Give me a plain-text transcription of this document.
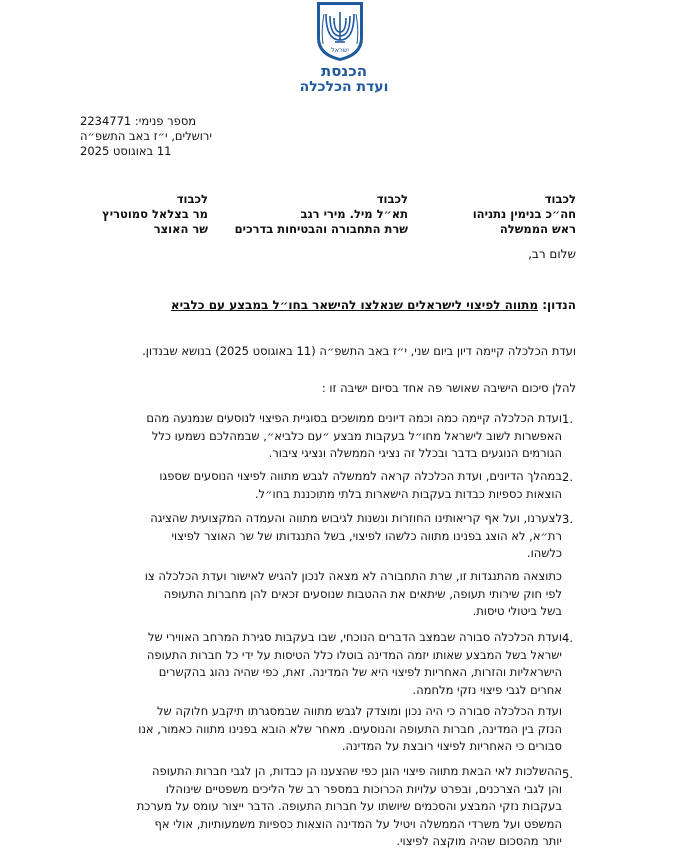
ישראל
הכנסת
ועדת הכלכלה
מספר פנימי: 2234771
ירושלים, י״ז באב התשפ״ה
11 באוגוסט 2025
לכבוד
חה״כ בנימין נתניהו
ראש הממשלה
לכבוד
תא״ל מיל. מירי רגב
שרת התחבורה והבטיחות בדרכים
לכבוד
מר בצלאל סמוטריץ
שר האוצר
שלום רב,
הנדון: מתווה לפיצוי לישראלים שנאלצו להישאר בחו״ל במבצע עם כלביא
ועדת הכלכלה קיימה דיון ביום שני, י״ז באב התשפ״ה (11 באוגוסט 2025) בנושא שבנדון.
להלן סיכום הישיבה שאושר פה אחד בסיום ישיבה זו :
1.
ועדת הכלכלה קיימה כמה וכמה דיונים ממושכים בסוגיית הפיצוי לנוסעים שנמנעה מהם
האפשרות לשוב לישראל מחו״ל בעקבות מבצע ״עם כלביא״, שבמהלכם נשמעו כלל
הגורמים הנוגעים בדבר ובכלל זה נציגי הממשלה ונציגי ציבור.
2.
במהלך הדיונים, ועדת הכלכלה קראה לממשלה לגבש מתווה לפיצוי הנוסעים שספגו
הוצאות כספיות כבדות בעקבות הישארות בלתי מתוכננת בחו״ל.
3.
לצערנו, ועל אף קריאותינו החוזרות ונשנות לגיבוש מתווה והעמדה המקצועית שהציגה
רת״א, לא הוצג בפנינו מתווה כלשהו לפיצוי, בשל התנגדותו של שר האוצר לפיצוי
כלשהו.
כתוצאה מהתנגדות זו, שרת התחבורה לא מצאה לנכון להגיש לאישור ועדת הכלכלה צו
לפי חוק שירותי תעופה, שיתאים את ההטבות שנוסעים זכאים להן מחברות התעופה
בשל ביטולי טיסות.
4.
ועדת הכלכלה סבורה שבמצב הדברים הנוכחי, שבו בעקבות סגירת המרחב האווירי של
ישראל בשל המבצע שאותו יזמה המדינה בוטלו כלל הטיסות על ידי כל חברות התעופה
הישראליות והזרות, האחריות לפיצוי היא של המדינה. זאת, כפי שהיה נהוג בהקשרים
אחרים לגבי פיצוי נזקי מלחמה.
ועדת הכלכלה סבורה כי היה נכון ומוצדק לגבש מתווה שבמסגרתו תיקבע חלוקה של
הנזק בין המדינה, חברות התעופה והנוסעים. מאחר שלא הובא בפנינו מתווה כאמור, אנו
סבורים כי האחריות לפיצוי רובצת על המדינה.
5.
ההשלכות לאי הבאת מתווה פיצוי הוגן כפי שהצענו הן כבדות, הן לגבי חברות התעופה
והן לגבי הצרכנים, ובפרט עלויות הכרוכות במספר רב של הליכים משפטיים שינוהלו
בעקבות נזקי המבצע והסכמים שיושתו על חברות התעופה. הדבר ייצור עומס על מערכת
המשפט ועל משרדי הממשלה ויטיל על המדינה הוצאות כספיות משמעותיות, אולי אף
יותר מהסכום שהיה מוקצה לפיצוי.
